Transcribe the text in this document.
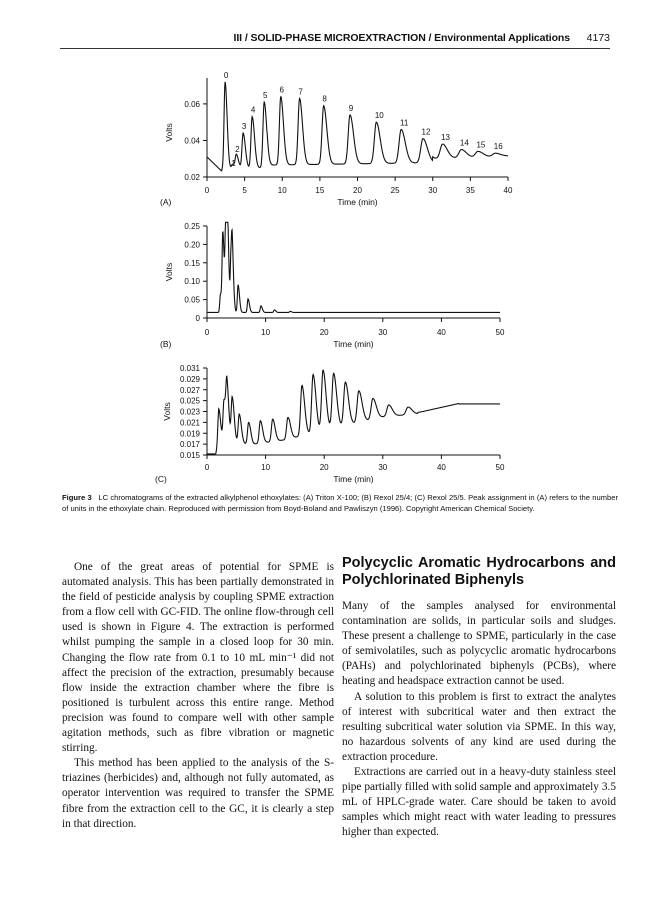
III / SOLID-PHASE MICROEXTRACTION / Environmental Applications 4173
0	5	10	15	20	25	30	35	40
0.02
0.04
0.06
Volts
Time (min)
(A)
0
1
2
3
4
5
6 7
8
9
10
11
12
13
14 15 16
0	10	20	30	40	50
0
0.05
0.10
0.15
0.20
0.25
Volts
Time (min)
(B)
0	10	20	30	40	50
0.015
0.017
0.019
0.021
0.023
0.025
0.027
0.029
0.031
Volts
Time (min)
(C)
Figure 3 LC chromatograms of the extracted alkylphenol ethoxylates: (A) Triton X-100; (B) Rexol 25/4; (C) Rexol 25/5. Peak assignment in (A) refers to the number of units in the ethoxylate chain. Reproduced with permission from Boyd-Boland and Pawliszyn (1996). Copyright American Chemical Society.

One of the great areas of potential for SPME is automated analysis. This has been partially demonstrated in the field of pesticide analysis by coupling SPME extraction from a flow cell with GC-FID. The online flow-through cell used is shown in Figure 4. The extraction is performed whilst pumping the sample in a closed loop for 30 min. Changing the flow rate from 0.1 to 10 mL min⁻¹ did not affect the precision of the extraction, presumably because flow inside the extraction chamber where the fibre is positioned is turbulent across this entire range. Method precision was found to compare well with other sample agitation methods, such as fibre vibration or magnetic stirring.

This method has been applied to the analysis of the S-triazines (herbicides) and, although not fully automated, as operator intervention was required to transfer the SPME fibre from the extraction cell to the GC, it is clearly a step in that direction.

Polycyclic Aromatic Hydrocarbons and Polychlorinated Biphenyls

Many of the samples analysed for environmental contamination are solids, in particular soils and sludges. These present a challenge to SPME, particularly in the case of semivolatiles, such as polycyclic aromatic hydrocarbons (PAHs) and polychlorinated biphenyls (PCBs), where heating and headspace extraction cannot be used.

A solution to this problem is first to extract the analytes of interest with subcritical water and then extract the resulting subcritical water solution via SPME. In this way, no hazardous solvents of any kind are used during the extraction procedure.

Extractions are carried out in a heavy-duty stainless steel pipe partially filled with solid sample and approximately 3.5 mL of HPLC-grade water. Care should be taken to avoid samples which might react with water leading to pressures higher than expected.
